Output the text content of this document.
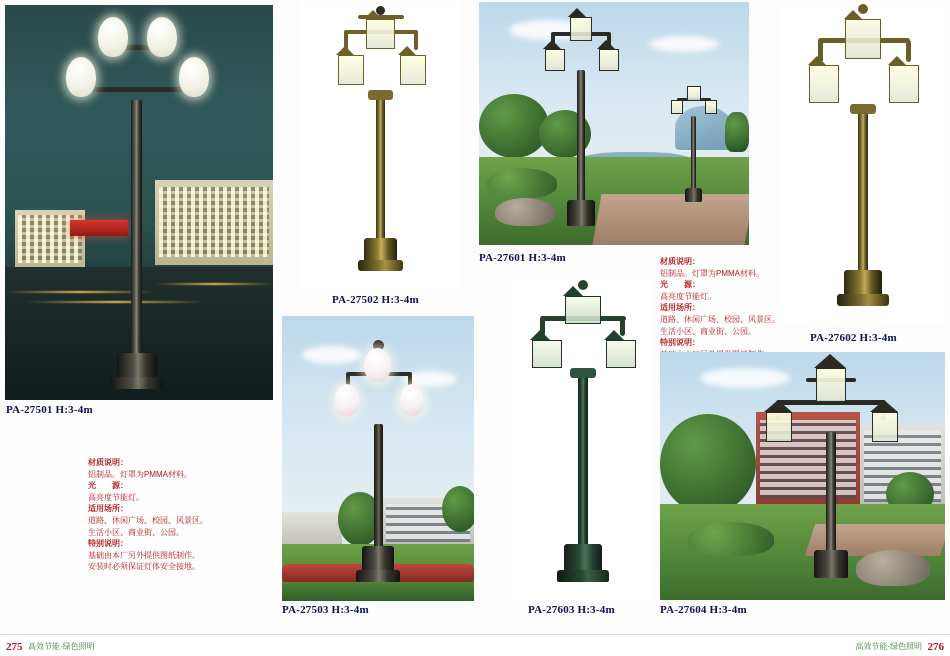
PA-27501 H:3-4m
材质说明：
铝制品。灯罩为PMMA材料。
光　　源：
高亮度节能灯。
适用场所：
道路、休闲广场、校园、风景区。
生活小区、商业街、公园。
特别说明：
基础由本厂另外提供图纸制作。
安装时必须保证灯体安全接地。
PA-27502 H:3-4m
PA-27503 H:3-4m
PA-27601 H:3-4m
PA-27602 H:3-4m
材质说明：
铝制品。灯罩为PMMA材料。
光　　源：
高亮度节能灯。
适用场所：
道路、休闲广场、校园、风景区。
生活小区、商业街、公园。
特别说明：
PA-27603 H:3-4m	PA-27604 H:3-4m
275 高效节能·绿色照明	276
高效节能·绿色照明
